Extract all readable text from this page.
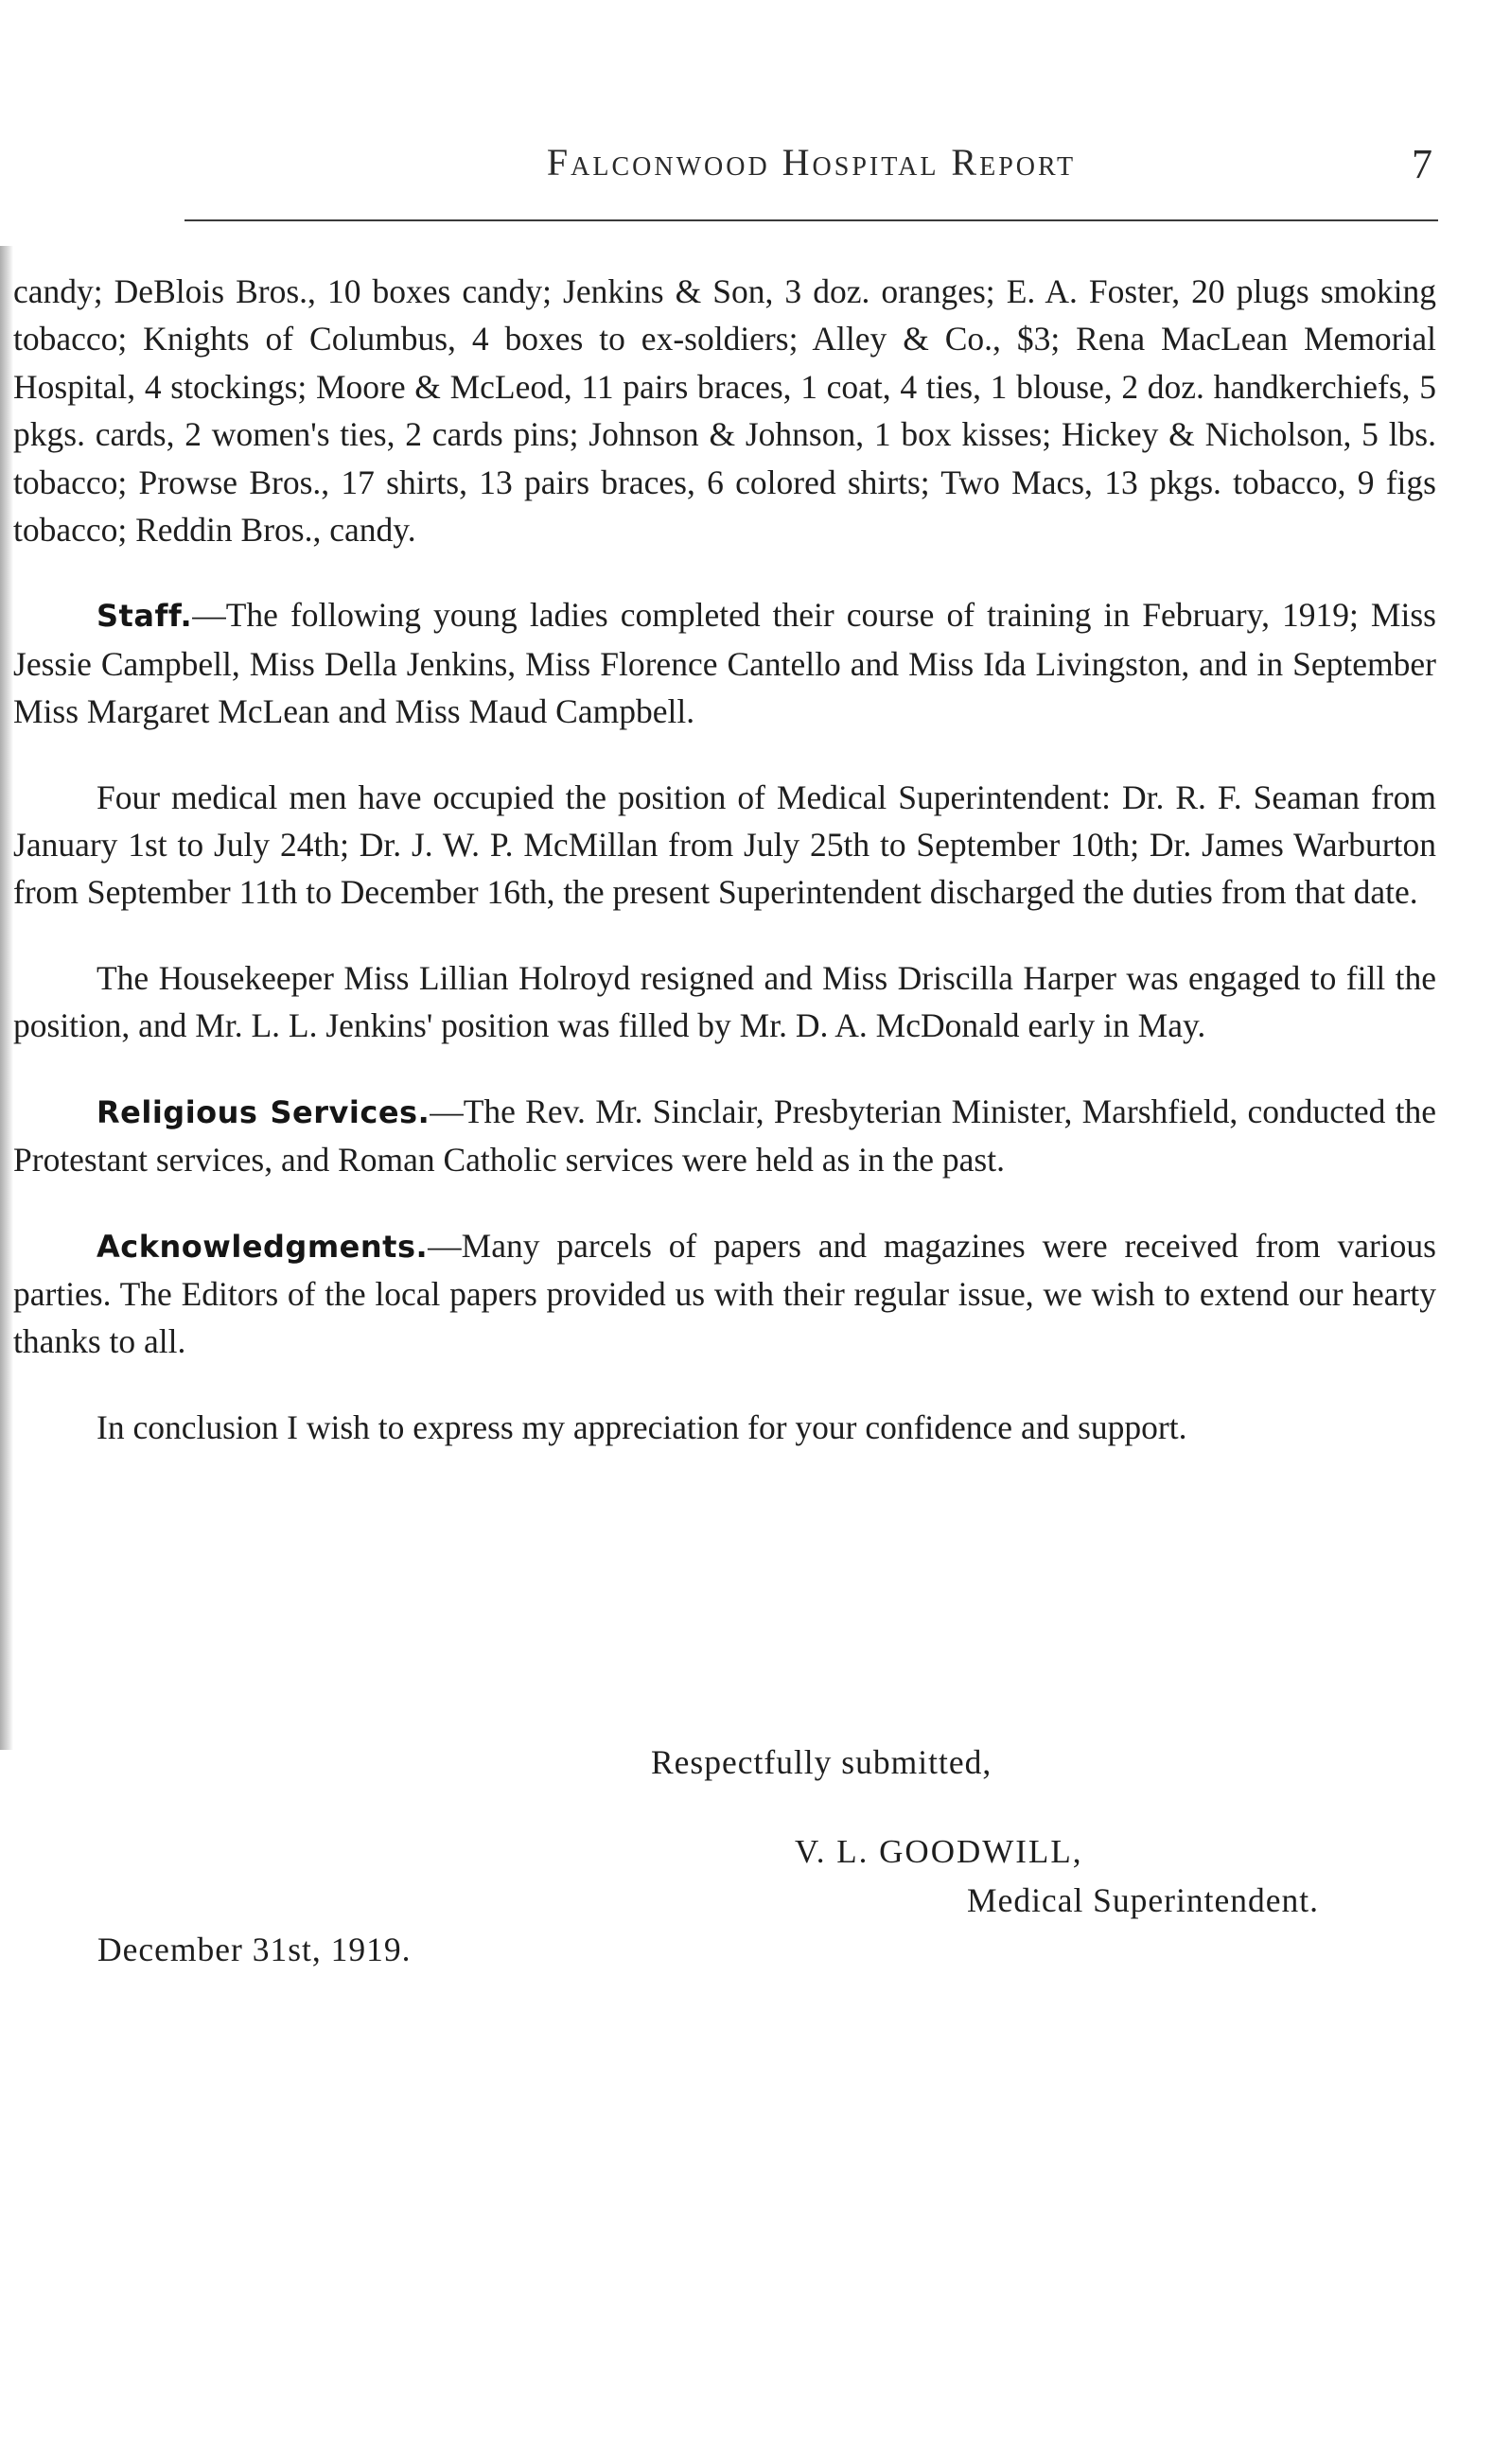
Falconwood Hospital Report	7

candy; DeBlois Bros., 10 boxes candy; Jenkins & Son, 3 doz. oranges; E. A. Foster, 20 plugs smoking tobacco; Knights of Columbus, 4 boxes to ex-soldiers; Alley & Co., $3; Rena MacLean Memorial Hospital, 4 stockings; Moore & McLeod, 11 pairs braces, 1 coat, 4 ties, 1 blouse, 2 doz. handkerchiefs, 5 pkgs. cards, 2 women's ties, 2 cards pins; Johnson & Johnson, 1 box kisses; Hickey & Nicholson, 5 lbs. tobacco; Prowse Bros., 17 shirts, 13 pairs braces, 6 colored shirts; Two Macs, 13 pkgs. tobacco, 9 figs tobacco; Reddin Bros., candy.

Staff.—The following young ladies completed their course of training in February, 1919; Miss Jessie Campbell, Miss Della Jenkins, Miss Florence Cantello and Miss Ida Livingston, and in September Miss Margaret McLean and Miss Maud Campbell.

Four medical men have occupied the position of Medical Superintendent: Dr. R. F. Seaman from January 1st to July 24th; Dr. J. W. P. McMillan from July 25th to September 10th; Dr. James Warburton from September 11th to December 16th, the present Superintendent discharged the duties from that date.

The Housekeeper Miss Lillian Holroyd resigned and Miss Driscilla Harper was engaged to fill the position, and Mr. L. L. Jenkins' position was filled by Mr. D. A. McDonald early in May.

Religious Services.—The Rev. Mr. Sinclair, Presbyterian Minister, Marshfield, conducted the Protestant services, and Roman Catholic services were held as in the past.

Acknowledgments.—Many parcels of papers and magazines were received from various parties. The Editors of the local papers provided us with their regular issue, we wish to extend our hearty thanks to all.

In conclusion I wish to express my appreciation for your confidence and support.

Respectfully submitted,
V. L. GOODWILL,
Medical Superintendent.
December 31st, 1919.
